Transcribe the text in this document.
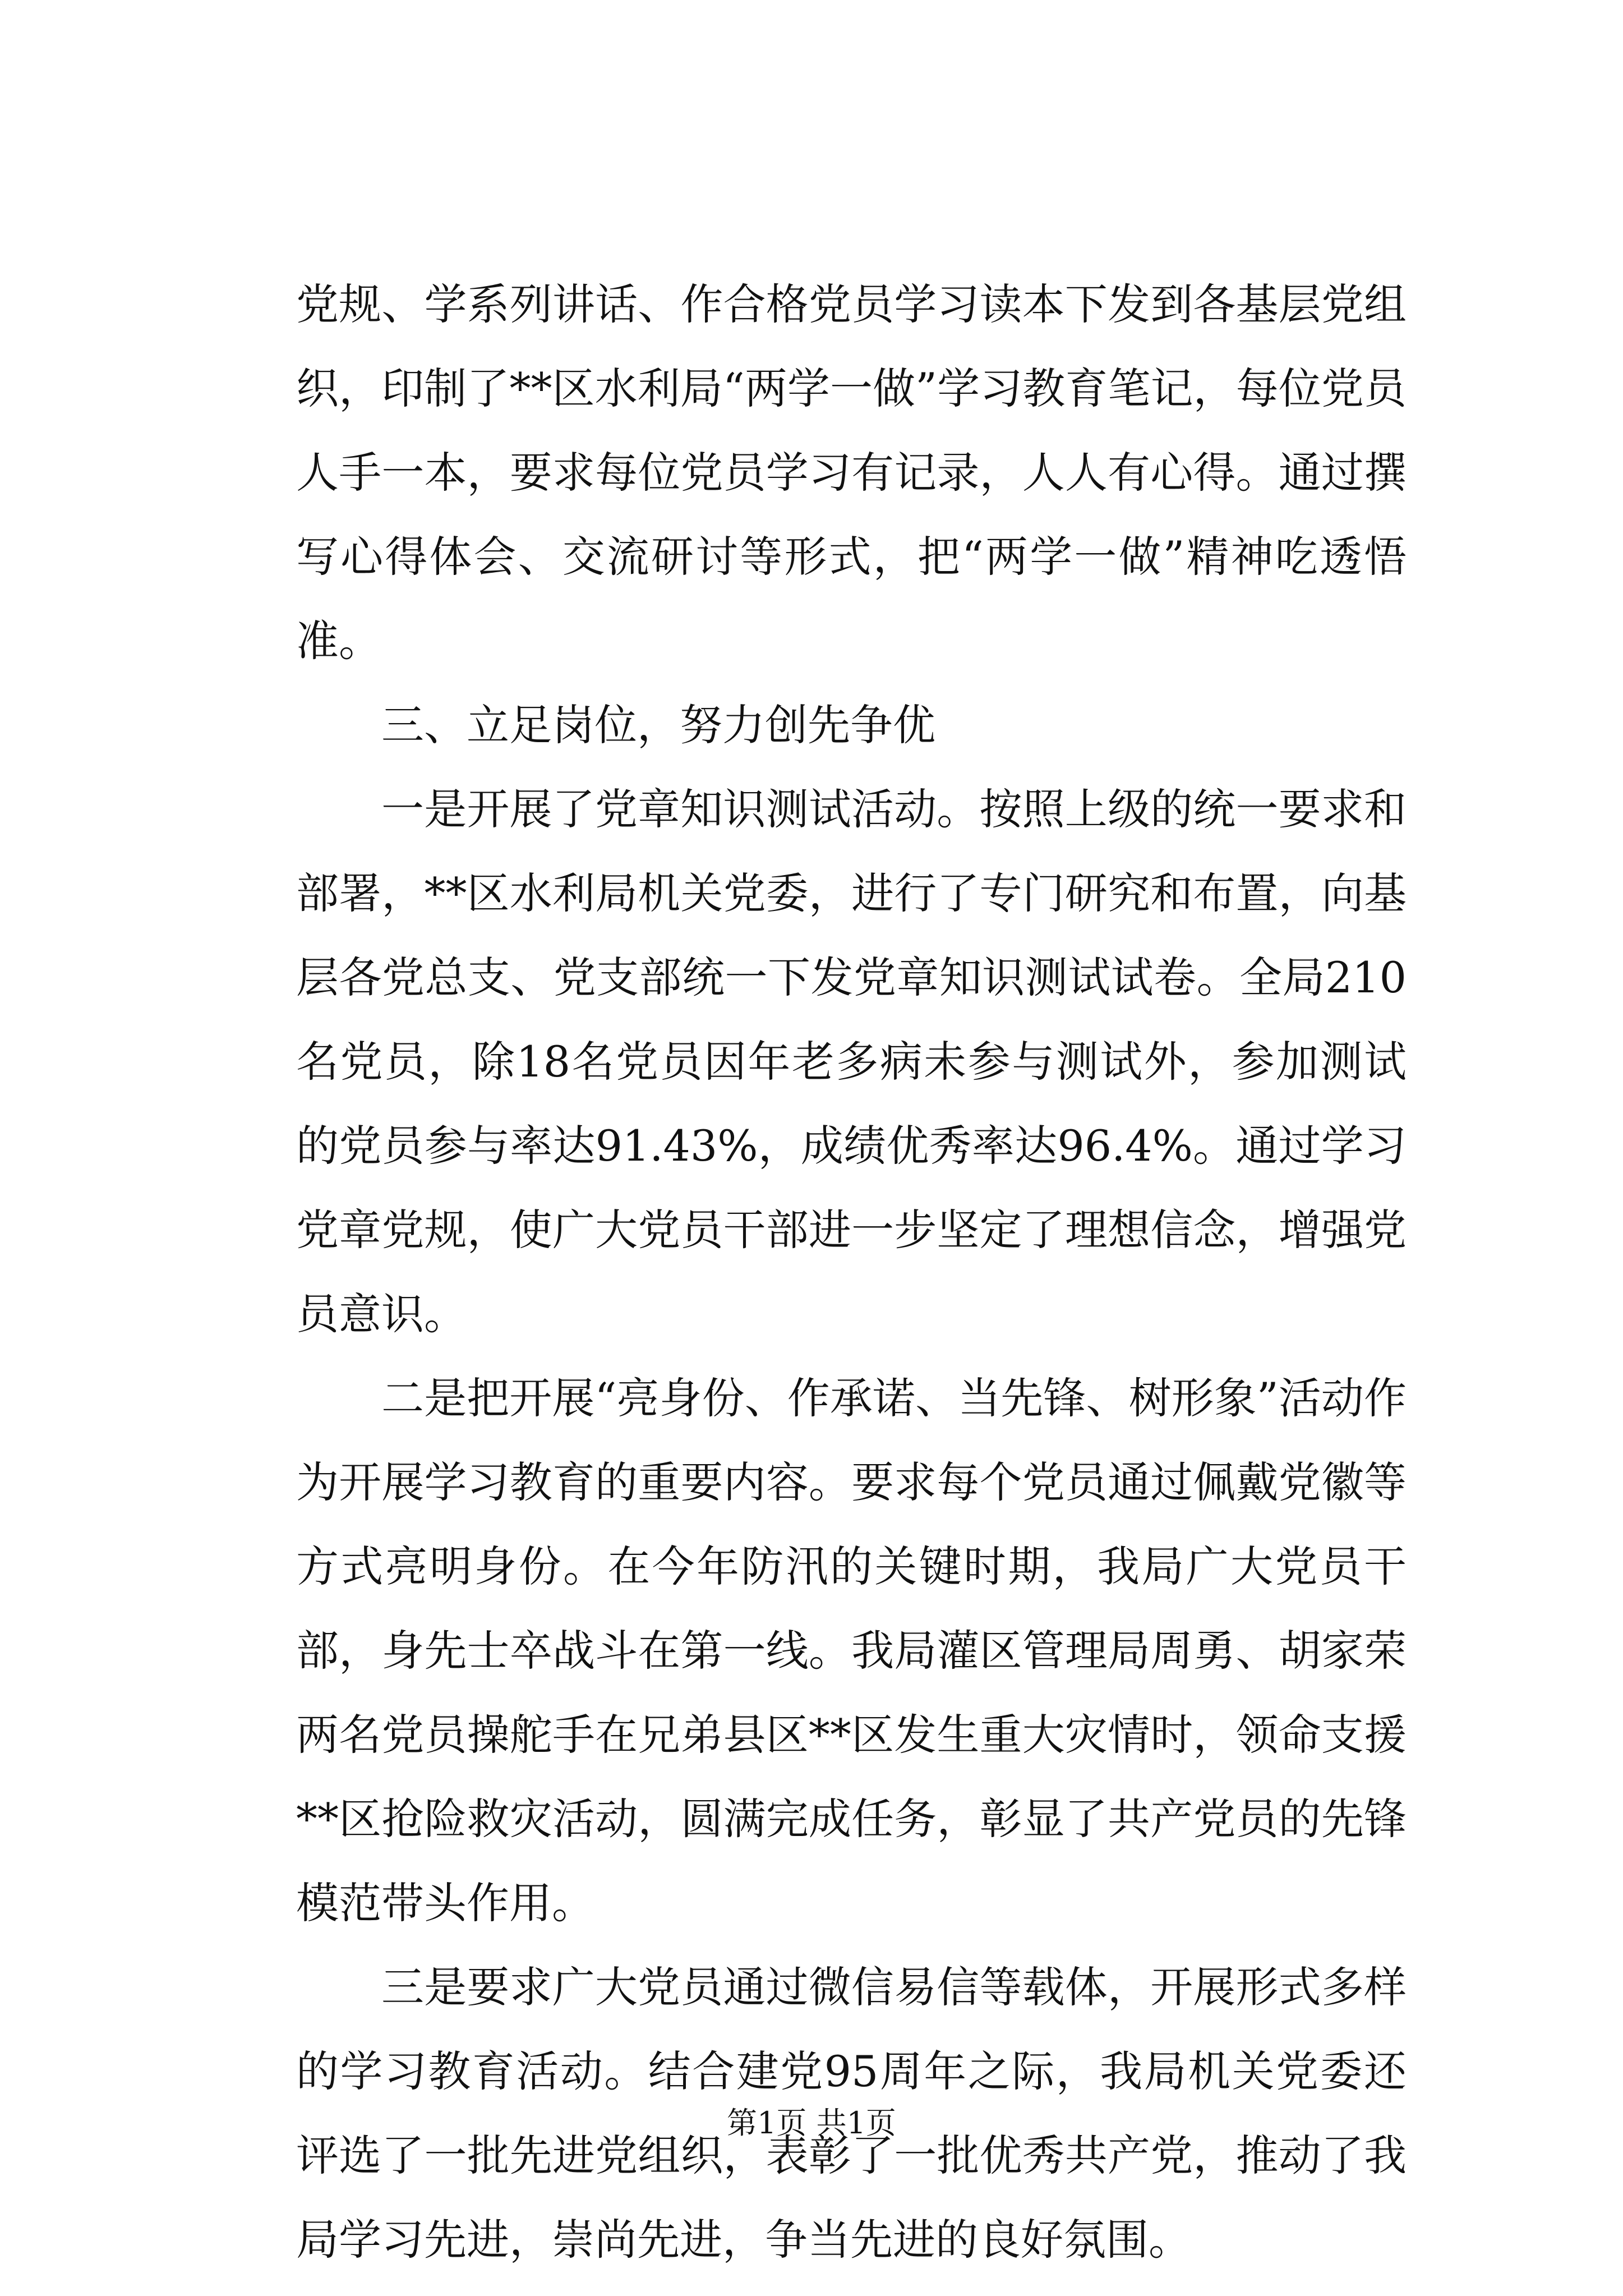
党规、学系列讲话、作合格党员学习读本下发到各基层党组织，印制了**区水利局“两学一做”学习教育笔记，每位党员人手一本，要求每位党员学习有记录，人人有心得。通过撰写心得体会、交流研讨等形式，把“两学一做”精神吃透悟准。

三、立足岗位，努力创先争优

一是开展了党章知识测试活动。按照上级的统一要求和部署，**区水利局机关党委，进行了专门研究和布置，向基层各党总支、党支部统一下发党章知识测试试卷。全局210名党员，除18名党员因年老多病未参与测试外，参加测试的党员参与率达91.43%，成绩优秀率达96.4%。通过学习党章党规，使广大党员干部进一步坚定了理想信念，增强党员意识。

二是把开展“亮身份、作承诺、当先锋、树形象”活动作为开展学习教育的重要内容。要求每个党员通过佩戴党徽等方式亮明身份。在今年防汛的关键时期，我局广大党员干部，身先士卒战斗在第一线。我局灌区管理局周勇、胡家荣两名党员操舵手在兄弟县区**区发生重大灾情时，领命支援**区抢险救灾活动，圆满完成任务，彰显了共产党员的先锋模范带头作用。

三是要求广大党员通过微信易信等载体，开展形式多样的学习教育活动。结合建党95周年之际，我局机关党委还评选了一批先进党组织，表彰了一批优秀共产党，推动了我局学习先进，崇尚先进，争当先进的良好氛围。

第1页 共1页
